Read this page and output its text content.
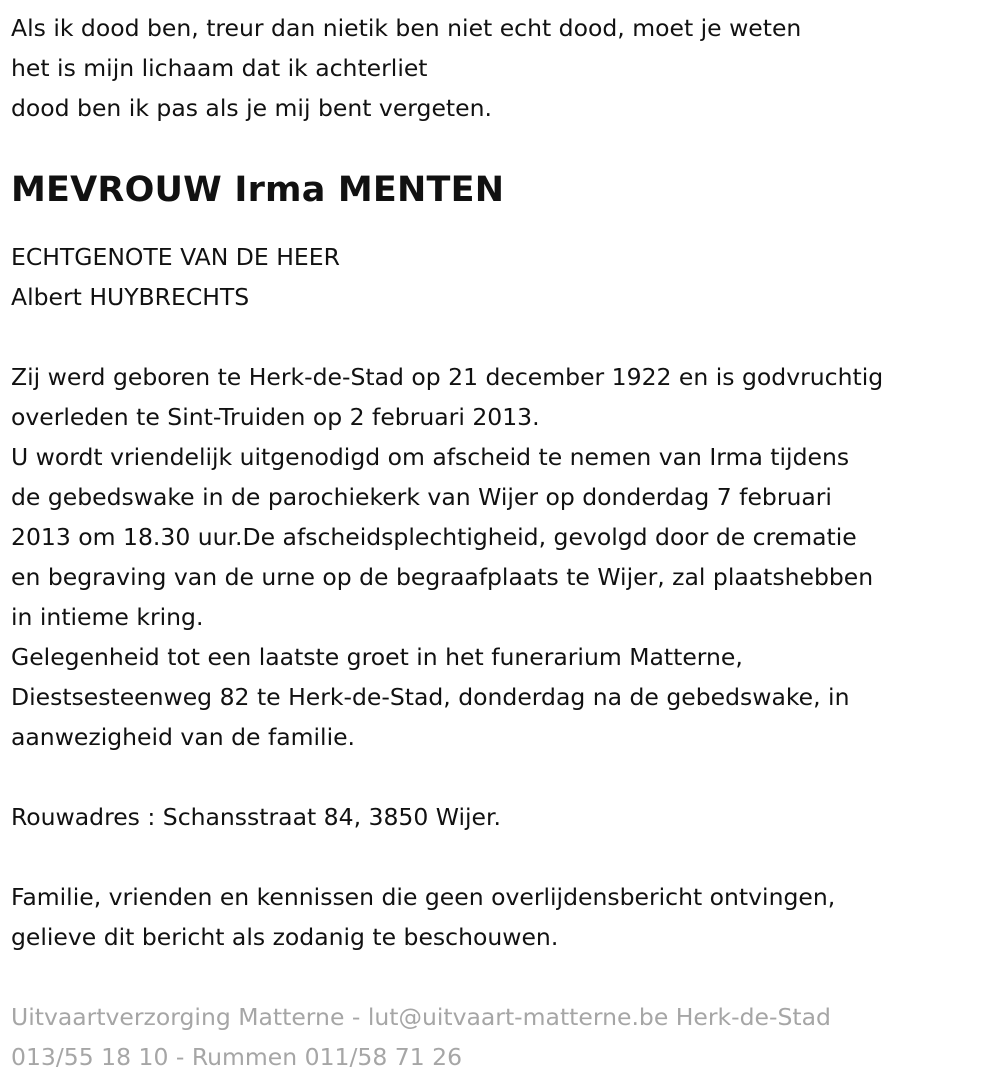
Als ik dood ben, treur dan nietik ben niet echt dood, moet je weten

het is mijn lichaam dat ik achterliet

dood ben ik pas als je mij bent vergeten.

MEVROUW Irma MENTEN

ECHTGENOTE VAN DE HEER

Albert HUYBRECHTS

Zij werd geboren te Herk-de-Stad op 21 december 1922 en is godvruchtig

overleden te Sint-Truiden op 2 februari 2013.

U wordt vriendelijk uitgenodigd om afscheid te nemen van Irma tijdens

de gebedswake in de parochiekerk van Wijer op donderdag 7 februari

2013 om 18.30 uur.De afscheidsplechtigheid, gevolgd door de crematie

en begraving van de urne op de begraafplaats te Wijer, zal plaatshebben

in intieme kring.

Gelegenheid tot een laatste groet in het funerarium Matterne,

Diestsesteenweg 82 te Herk-de-Stad, donderdag na de gebedswake, in

aanwezigheid van de familie.

Rouwadres : Schansstraat 84, 3850 Wijer.

Familie, vrienden en kennissen die geen overlijdensbericht ontvingen,

gelieve dit bericht als zodanig te beschouwen.

Uitvaartverzorging Matterne - lut@uitvaart-matterne.be Herk-de-Stad

013/55 18 10 - Rummen 011/58 71 26
